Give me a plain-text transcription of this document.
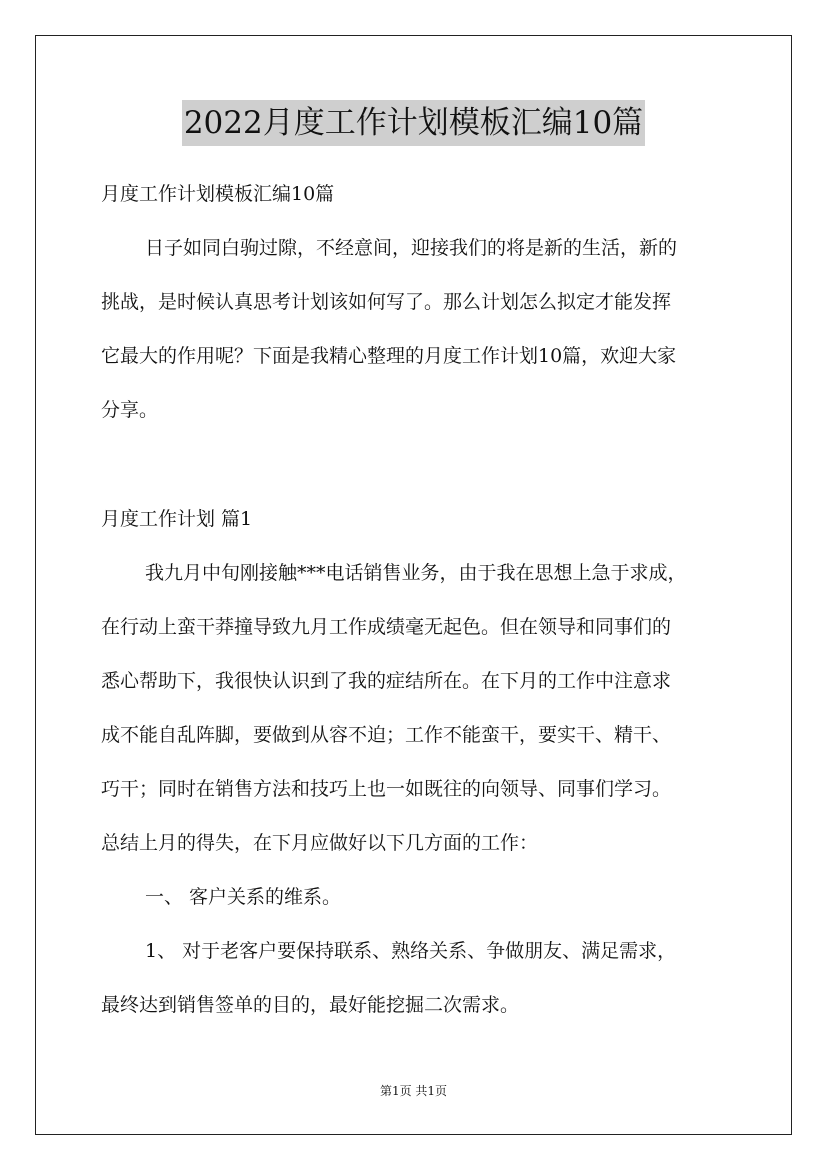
2022月度工作计划模板汇编10篇
月度工作计划模板汇编10篇
日子如同白驹过隙，不经意间，迎接我们的将是新的生活，新的
挑战，是时候认真思考计划该如何写了。那么计划怎么拟定才能发挥
它最大的作用呢？下面是我精心整理的月度工作计划10篇，欢迎大家
分享。
月度工作计划 篇1
我九月中旬刚接触***电话销售业务，由于我在思想上急于求成，
在行动上蛮干莽撞导致九月工作成绩毫无起色。但在领导和同事们的
悉心帮助下，我很快认识到了我的症结所在。在下月的工作中注意求
成不能自乱阵脚，要做到从容不迫；工作不能蛮干，要实干、精干、
巧干；同时在销售方法和技巧上也一如既往的向领导、同事们学习。
总结上月的得失，在下月应做好以下几方面的工作：
一、 客户关系的维系。
1、 对于老客户要保持联系、熟络关系、争做朋友、满足需求，
最终达到销售签单的目的，最好能挖掘二次需求。
第1页 共1页
